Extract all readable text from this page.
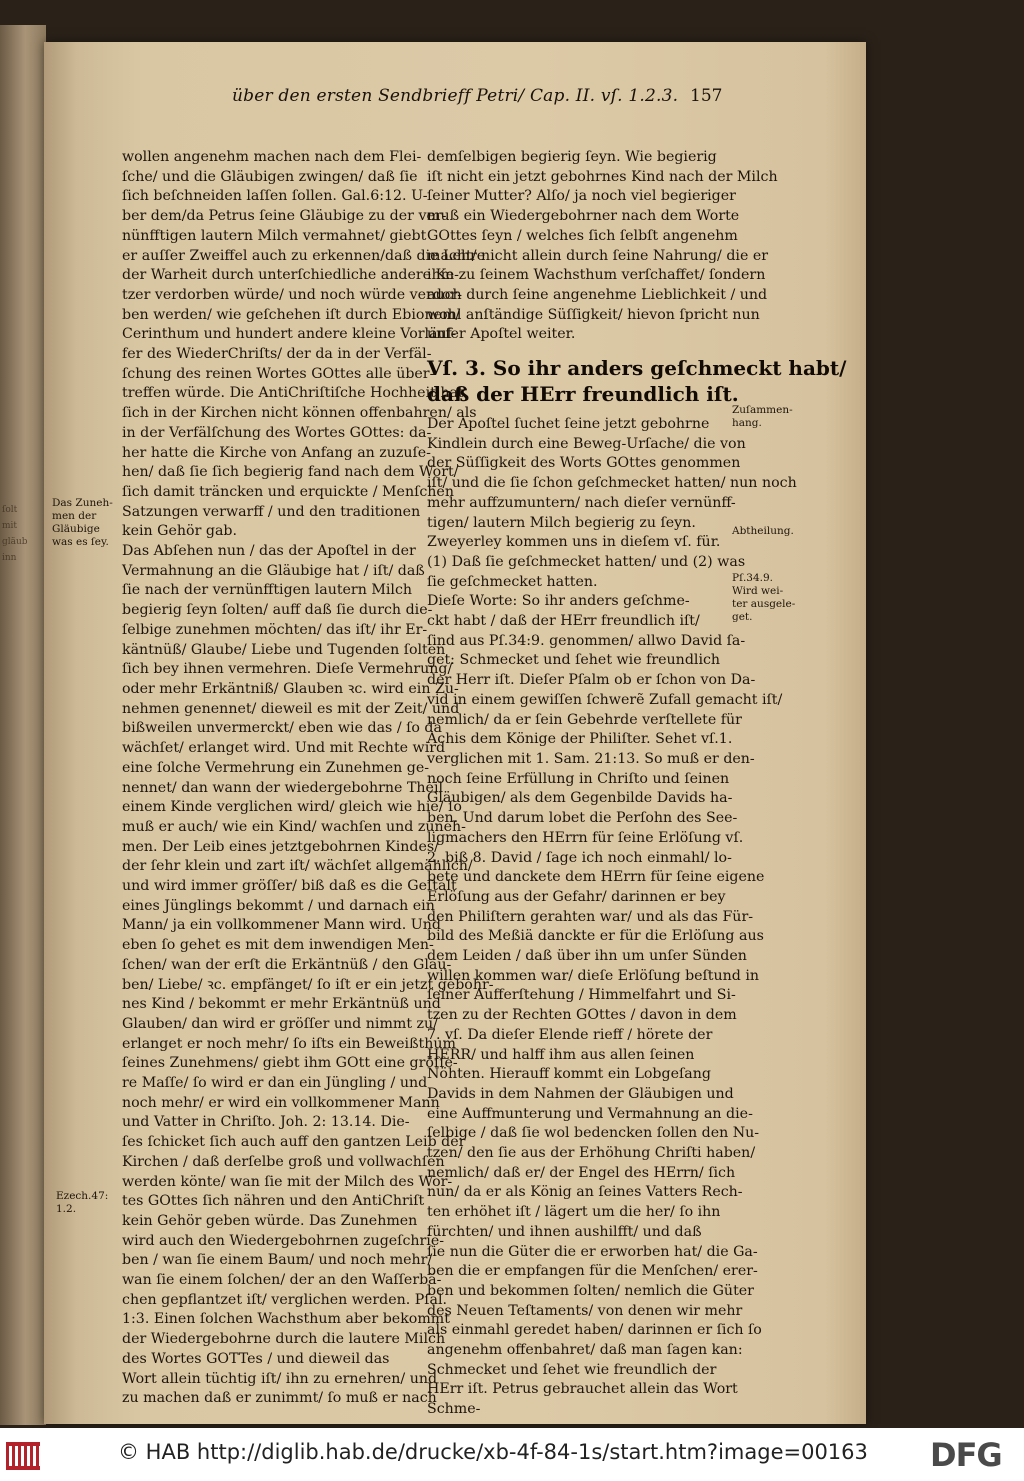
ſolt
mit
gläub
inn
über den ersten Sendbrieff Petri/ Cap. II. vſ. 1.2.3. 157
wollen angenehm machen nach dem Flei-
ſche/ und die Gläubigen zwingen/ daß ſie
ſich beſchneiden laſſen ſollen. Gal.6:12. U-
ber dem/da Petrus ſeine Gläubige zu der ver-
nünfftigen lautern Milch vermahnet/ giebt
er auſſer Zweiffel auch zu erkennen/daß die Lehre
der Warheit durch unterſchiedliche andere Ke-
tzer verdorben würde/ und noch würde verdor-
ben werden/ wie geſchehen iſt durch Ebionem/
Cerinthum und hundert andere kleine Vorläuf-
fer des WiederChriſts/ der da in der Verfäl-
ſchung des reinen Wortes GOttes alle über-
treffen würde. Die AntiChriſtiſche Hochheit hat
ſich in der Kirchen nicht können offenbahren/ als
in der Verfälſchung des Wortes GOttes: da-
her hatte die Kirche von Anfang an zuzuſe-
hen/ daß ſie ſich begierig fand nach dem Wort/
ſich damit träncken und erquickte / Menſchen
Satzungen verwarff / und den traditionen
kein Gehör gab.
Das Abſehen nun / das der Apoſtel in der
Vermahnung an die Gläubige hat / iſt/ daß
ſie nach der vernünfftigen lautern Milch
begierig ſeyn ſolten/ auff daß ſie durch die-
ſelbige zunehmen möchten/ das iſt/ ihr Er-
käntnüß/ Glaube/ Liebe und Tugenden ſolten
ſich bey ihnen vermehren. Dieſe Vermehrung/
oder mehr Erkäntniß/ Glauben ꝛc. wird ein Zu-
nehmen genennet/ dieweil es mit der Zeit/ und
bißweilen unvermerckt/ eben wie das / ſo da
wächſet/ erlanget wird. Und mit Rechte wird
eine ſolche Vermehrung ein Zunehmen ge-
nennet/ dan wann der wiedergebohrne Theil
einem Kinde verglichen wird/ gleich wie hie/ ſo
muß er auch/ wie ein Kind/ wachſen und zuneh-
men. Der Leib eines jetztgebohrnen Kindes/
der ſehr klein und zart iſt/ wächſet allgemählich/
und wird immer gröſſer/ biß daß es die Geſtalt
eines Jünglings bekommt / und darnach ein
Mann/ ja ein vollkommener Mann wird. Und
eben ſo gehet es mit dem inwendigen Men-
ſchen/ wan der erſt die Erkäntnüß / den Glau-
ben/ Liebe/ ꝛc. empfänget/ ſo iſt er ein jetzt gebohr-
nes Kind / bekommt er mehr Erkäntnüß und
Glauben/ dan wird er gröſſer und nimmt zu/
erlanget er noch mehr/ ſo iſts ein Beweißthum
ſeines Zunehmens/ giebt ihm GOtt eine gröſſe-
re Maſſe/ ſo wird er dan ein Jüngling / und
noch mehr/ er wird ein vollkommener Mann
und Vatter in Chriſto. Joh. 2: 13.14. Die-
ſes ſchicket ſich auch auff den gantzen Leib der
Kirchen / daß derſelbe groß und vollwachſen
werden könte/ wan ſie mit der Milch des Wor-
tes GOttes ſich nähren und den AntiChriſt
kein Gehör geben würde. Das Zunehmen
wird auch den Wiedergebohrnen zugeſchrie-
ben / wan ſie einem Baum/ und noch mehr/
wan ſie einem ſolchen/ der an den Waſſerbä-
chen gepflantzet iſt/ verglichen werden. Pſal.
1:3. Einen ſolchen Wachsthum aber bekommt
der Wiedergebohrne durch die lautere Milch
des Wortes GOTTes / und dieweil das
Wort allein tüchtig iſt/ ihn zu ernehren/ und
zu machen daß er zunimmt/ ſo muß er nach
demſelbigen begierig ſeyn. Wie begierig
iſt nicht ein jetzt gebohrnes Kind nach der Milch
ſeiner Mutter? Alſo/ ja noch viel begieriger
muß ein Wiedergebohrner nach dem Worte
GOttes ſeyn / welches ſich ſelbſt angenehm
macht/ nicht allein durch ſeine Nahrung/ die er
ihm zu ſeinem Wachsthum verſchaffet/ ſondern
auch durch ſeine angenehme Lieblichkeit / und
wohl anſtändige Süſſigkeit/ hievon ſpricht nun
unſer Apoſtel weiter.
Vſ. 3. So ihr anders geſchmeckt habt/
daß der HErr freundlich iſt.
Der Apoſtel ſuchet ſeine jetzt gebohrne
Kindlein durch eine Beweg-Urſache/ die von
der Süſſigkeit des Worts GOttes genommen
iſt/ und die ſie ſchon geſchmecket hatten/ nun noch
mehr auffzumuntern/ nach dieſer vernünff-
tigen/ lautern Milch begierig zu ſeyn.
Zweyerley kommen uns in dieſem vſ. für.
(1) Daß ſie geſchmecket hatten/ und (2) was
ſie geſchmecket hatten.
Dieſe Worte: So ihr anders geſchme-
ckt habt / daß der HErr freundlich iſt/
ſind aus Pſ.34:9. genommen/ allwo David ſa-
get: Schmecket und ſehet wie freundlich
der Herr iſt. Dieſer Pſalm ob er ſchon von Da-
vid in einem gewiſſen ſchwerẽ Zufall gemacht iſt/
nemlich/ da er ſein Gebehrde verſtellete für
Achis dem Könige der Philiſter. Sehet vſ.1.
verglichen mit 1. Sam. 21:13. So muß er den-
noch ſeine Erfüllung in Chriſto und ſeinen
Gläubigen/ als dem Gegenbilde Davids ha-
ben. Und darum lobet die Perſohn des See-
ligmachers den HErrn für ſeine Erlöſung vſ.
2. biß 8. David / ſage ich noch einmahl/ lo-
bete und danckete dem HErrn für ſeine eigene
Erlöſung aus der Gefahr/ darinnen er bey
den Philiſtern gerahten war/ und als das Für-
bild des Meßiä danckte er für die Erlöſung aus
dem Leiden / daß über ihn um unſer Sünden
willen kommen war/ dieſe Erlöſung beſtund in
ſeiner Aufferſtehung / Himmelfahrt und Si-
tzen zu der Rechten GOttes / davon in dem
7. vſ. Da dieſer Elende rieff / hörete der
HERR/ und halff ihm aus allen ſeinen
Nöhten. Hierauff kommt ein Lobgeſang
Davids in dem Nahmen der Gläubigen und
eine Auffmunterung und Vermahnung an die-
ſelbige / daß ſie wol bedencken ſollen den Nu-
tzen/ den ſie aus der Erhöhung Chriſti haben/
nemlich/ daß er/ der Engel des HErrn/ ſich
nun/ da er als König an ſeines Vatters Rech-
ten erhöhet iſt / lägert um die her/ ſo ihn
fürchten/ und ihnen aushilfft/ und daß
ſie nun die Güter die er erworben hat/ die Ga-
ben die er empfangen für die Menſchen/ erer-
ben und bekommen ſolten/ nemlich die Güter
des Neuen Teſtaments/ von denen wir mehr
als einmahl geredet haben/ darinnen er ſich ſo
angenehm offenbahret/ daß man ſagen kan:
Schmecket und ſehet wie freundlich der
HErr iſt. Petrus gebrauchet allein das Wort
Schme-
Das Zuneh-
men der
Gläubige
was es ſey.
Ezech.47:
1.2.
Zuſammen-
hang.
Abtheilung.
Pſ.34.9.
Wird wei-
ter ausgele-
get.
© HAB http://diglib.hab.de/drucke/xb-4f-84-1s/start.htm?image=00163 DFG
